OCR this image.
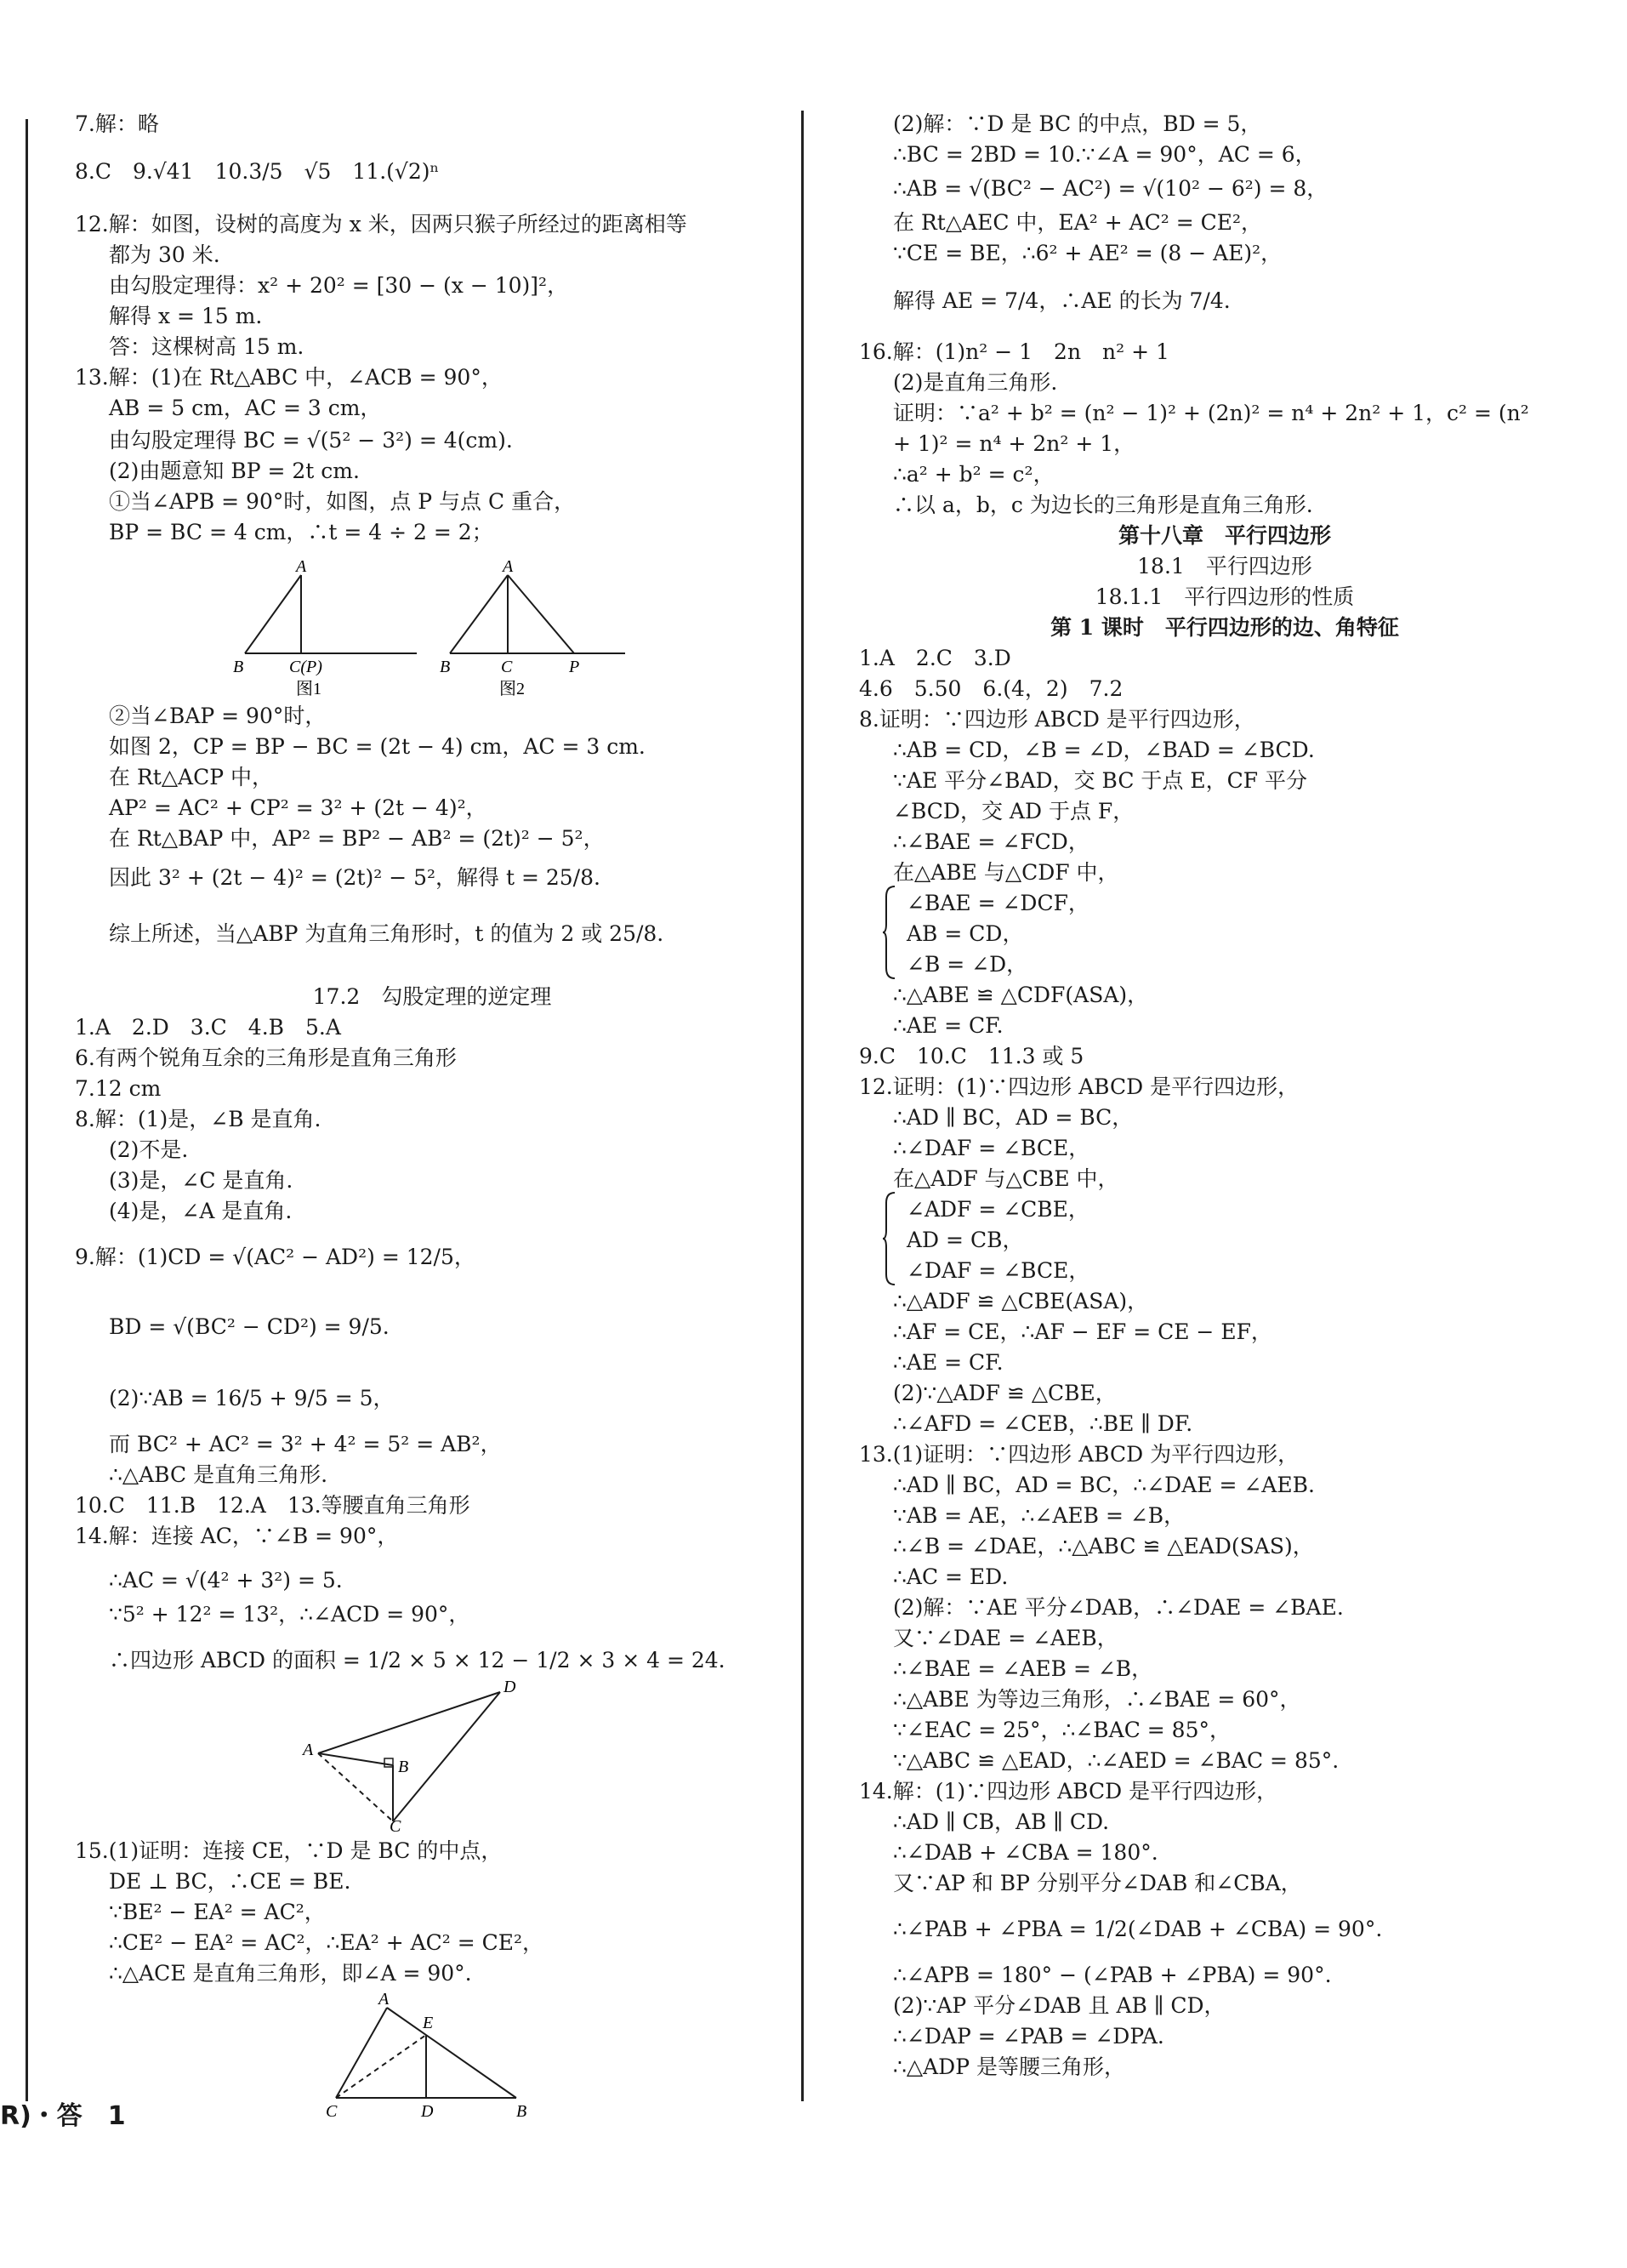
7.解：略
8.C　9.√41　10.3/5　√5　11.(√2)ⁿ
12.解：如图，设树的高度为 x 米，因两只猴子所经过的距离相等
都为 30 米.
由勾股定理得：x² + 20² = [30 − (x − 10)]²，
解得 x = 15 m.
答：这棵树高 15 m.
13.解：(1)在 Rt△ABC 中，∠ACB = 90°，
AB = 5 cm，AC = 3 cm，
由勾股定理得 BC = √(5² − 3²) = 4(cm).
(2)由题意知 BP = 2t cm.
①当∠APB = 90°时，如图，点 P 与点 C 重合，
BP = BC = 4 cm，∴t = 4 ÷ 2 = 2；
②当∠BAP = 90°时，
如图 2，CP = BP − BC = (2t − 4) cm，AC = 3 cm.
在 Rt△ACP 中，
AP² = AC² + CP² = 3² + (2t − 4)²，
在 Rt△BAP 中，AP² = BP² − AB² = (2t)² − 5²，
因此 3² + (2t − 4)² = (2t)² − 5²，解得 t = 25/8.
综上所述，当△ABP 为直角三角形时，t 的值为 2 或 25/8.
17.2　勾股定理的逆定理
1.A　2.D　3.C　4.B　5.A
6.有两个锐角互余的三角形是直角三角形
7.12 cm
8.解：(1)是，∠B 是直角.
(2)不是.
(3)是，∠C 是直角.
(4)是，∠A 是直角.
9.解：(1)CD = √(AC² − AD²) = 12/5，
BD = √(BC² − CD²) = 9/5.
(2)∵AB = 16/5 + 9/5 = 5，
而 BC² + AC² = 3² + 4² = 5² = AB²，
∴△ABC 是直角三角形.
10.C　11.B　12.A　13.等腰直角三角形
14.解：连接 AC，∵∠B = 90°，
∴AC = √(4² + 3²) = 5.
∵5² + 12² = 13²，∴∠ACD = 90°，
∴四边形 ABCD 的面积 = 1/2 × 5 × 12 − 1/2 × 3 × 4 = 24.
15.(1)证明：连接 CE，∵D 是 BC 的中点，
DE ⊥ BC，∴CE = BE.
∵BE² − EA² = AC²，
∴CE² − EA² = AC²，∴EA² + AC² = CE²，
∴△ACE 是直角三角形，即∠A = 90°.
(2)解：∵D 是 BC 的中点，BD = 5，
∴BC = 2BD = 10.∵∠A = 90°，AC = 6，
∴AB = √(BC² − AC²) = √(10² − 6²) = 8，
在 Rt△AEC 中，EA² + AC² = CE²，
∵CE = BE，∴6² + AE² = (8 − AE)²，
解得 AE = 7/4，∴AE 的长为 7/4.
16.解：(1)n² − 1　2n　n² + 1
(2)是直角三角形.
证明：∵a² + b² = (n² − 1)² + (2n)² = n⁴ + 2n² + 1，c² = (n²
+ 1)² = n⁴ + 2n² + 1，
∴a² + b² = c²，
∴以 a，b，c 为边长的三角形是直角三角形.
第十八章　平行四边形
18.1　平行四边形
18.1.1　平行四边形的性质
第 1 课时　平行四边形的边、角特征
1.A　2.C　3.D
4.6　5.50　6.(4，2)　7.2
8.证明：∵四边形 ABCD 是平行四边形，
∴AB = CD，∠B = ∠D，∠BAD = ∠BCD.
∵AE 平分∠BAD，交 BC 于点 E，CF 平分
∠BCD，交 AD 于点 F，
∴∠BAE = ∠FCD，
在△ABE 与△CDF 中，
∠BAE = ∠DCF，
AB = CD，
∠B = ∠D，
∴△ABE ≌ △CDF(ASA)，
∴AE = CF.
9.C　10.C　11.3 或 5
12.证明：(1)∵四边形 ABCD 是平行四边形，
∴AD ∥ BC，AD = BC，
∴∠DAF = ∠BCE，
在△ADF 与△CBE 中，
∠ADF = ∠CBE，
AD = CB，
∠DAF = ∠BCE，
∴△ADF ≌ △CBE(ASA)，
∴AF = CE，∴AF − EF = CE − EF，
∴AE = CF.
(2)∵△ADF ≌ △CBE，
∴∠AFD = ∠CEB，∴BE ∥ DF.
13.(1)证明：∵四边形 ABCD 为平行四边形，
∴AD ∥ BC，AD = BC，∴∠DAE = ∠AEB.
∵AB = AE，∴∠AEB = ∠B，
∴∠B = ∠DAE，∴△ABC ≌ △EAD(SAS)，
∴AC = ED.
(2)解：∵AE 平分∠DAB，∴∠DAE = ∠BAE.
又∵∠DAE = ∠AEB，
∴∠BAE = ∠AEB = ∠B，
∴△ABE 为等边三角形，∴∠BAE = 60°，
∵∠EAC = 25°，∴∠BAC = 85°，
∵△ABC ≌ △EAD，∴∠AED = ∠BAC = 85°.
14.解：(1)∵四边形 ABCD 是平行四边形，
∴AD ∥ CB，AB ∥ CD.
∴∠DAB + ∠CBA = 180°.
又∵AP 和 BP 分别平分∠DAB 和∠CBA，
∴∠PAB + ∠PBA = 1/2(∠DAB + ∠CBA) = 90°.
∴∠APB = 180° − (∠PAB + ∠PBA) = 90°.
(2)∵AP 平分∠DAB 且 AB ∥ CD，
∴∠DAP = ∠PAB = ∠DPA.
∴△ADP 是等腰三角形，
A
B	C(P)
图1
A
B	C	P
图2
A
B
C
D
A
E
C	D	B
R)・答　1
